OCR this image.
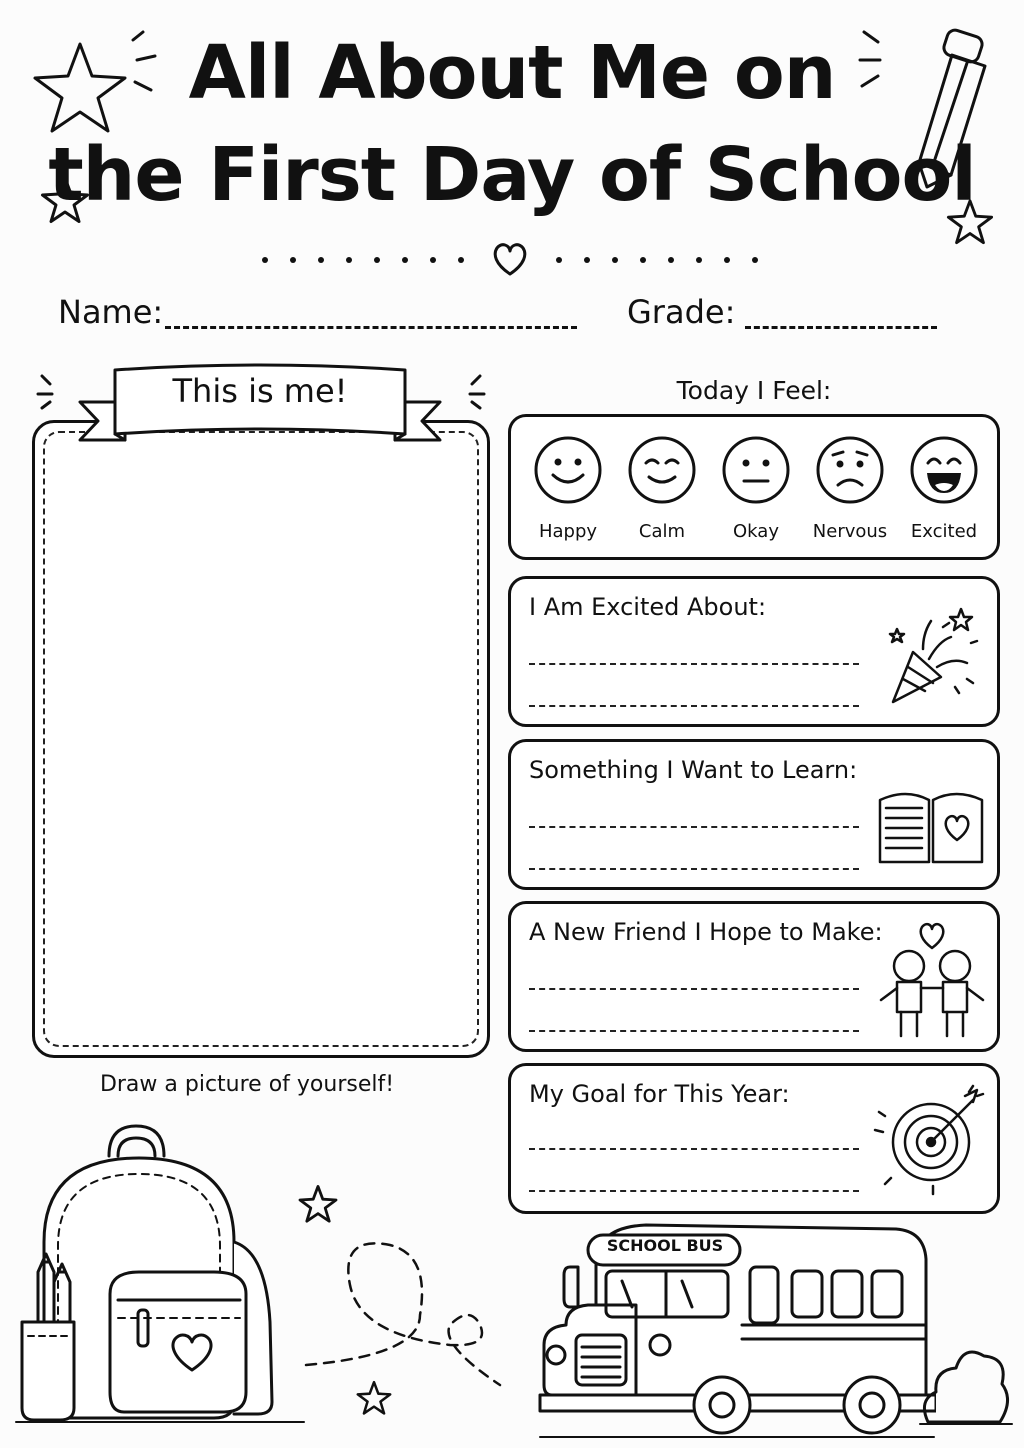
All About Me on
the First Day of School
Name:	Grade:
This is me!
Draw a picture of yourself!
Today I Feel:
Happy	Calm	Okay	Nervous	Excited
I Am Excited About:
Something I Want to Learn:
A New Friend I Hope to Make:
My Goal for This Year:
SCHOOL BUS
